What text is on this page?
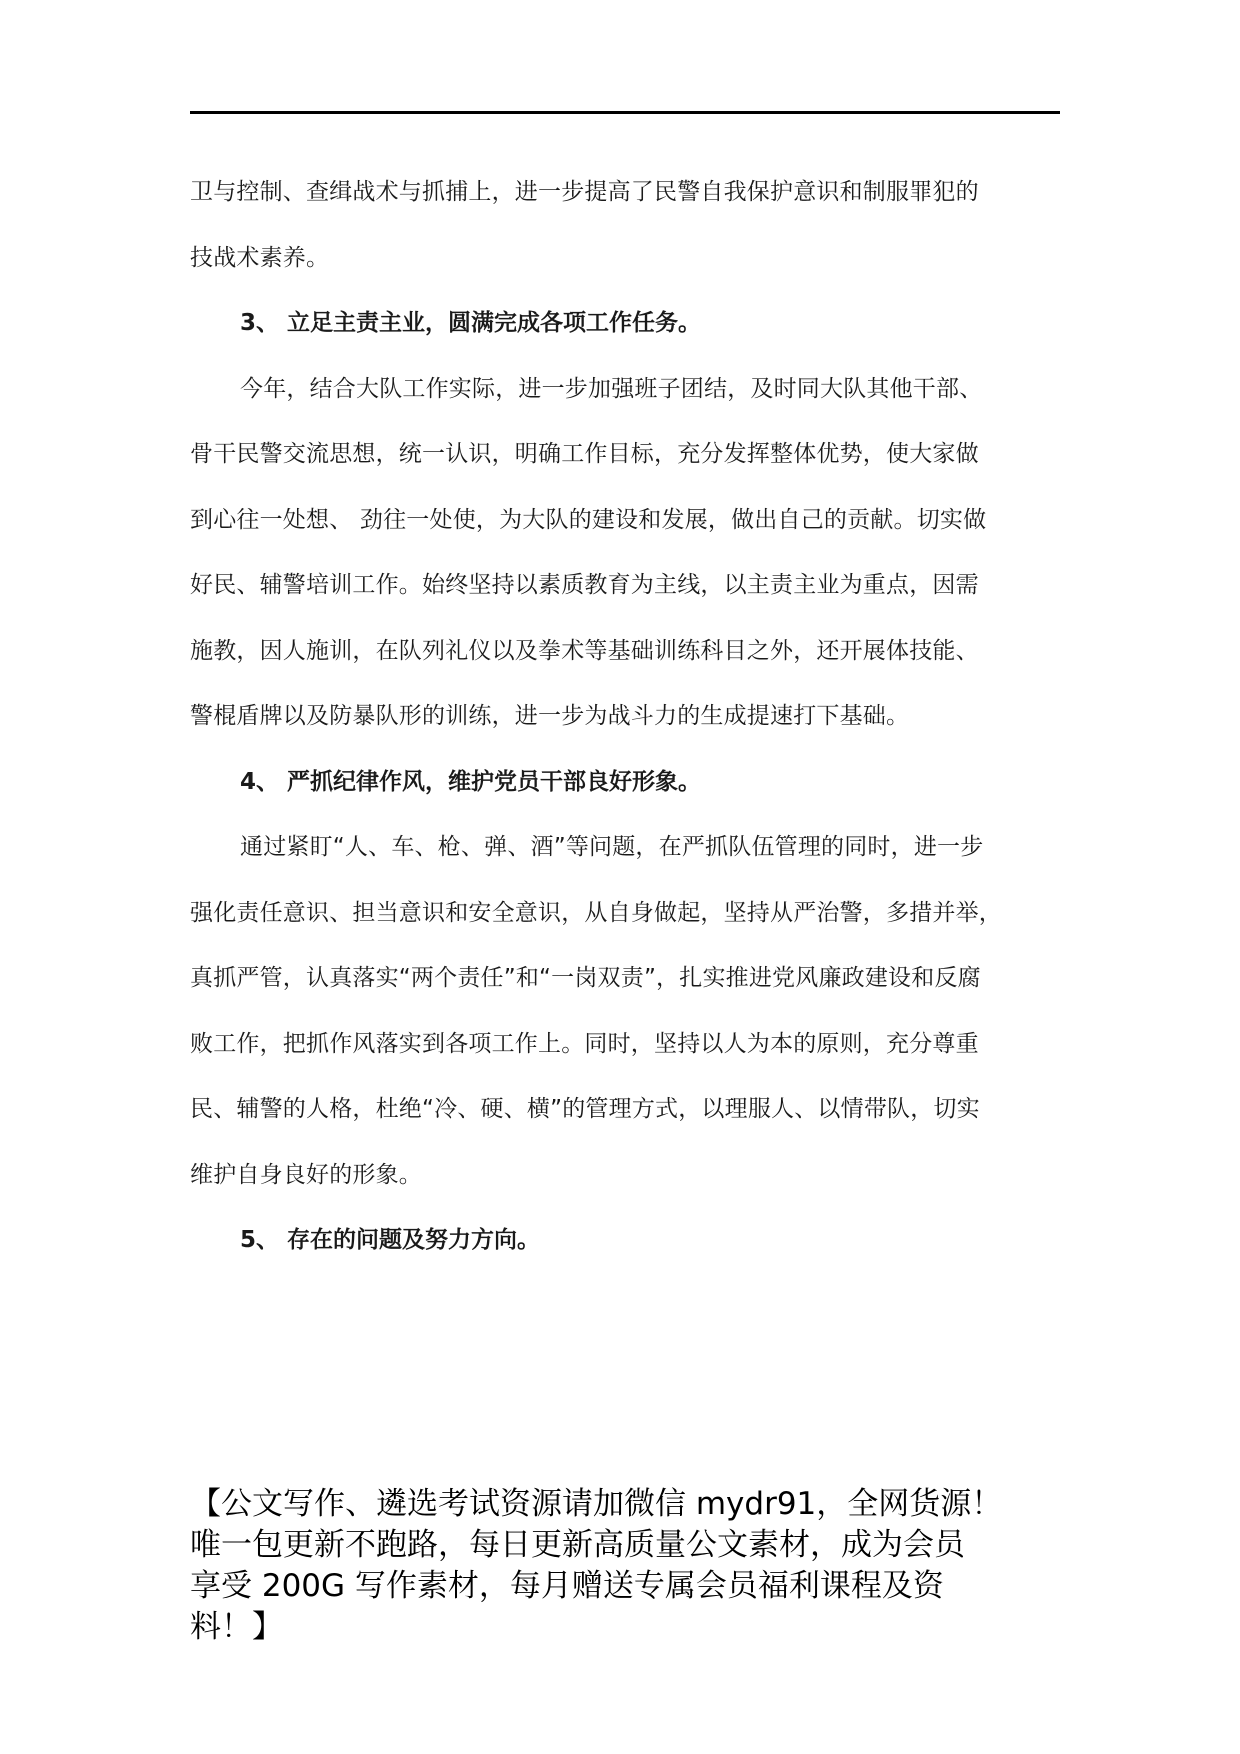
卫与控制、查缉战术与抓捕上，进一步提高了民警自我保护意识和制服罪犯的

技战术素养。

3、 立足主责主业，圆满完成各项工作任务。

今年，结合大队工作实际，进一步加强班子团结，及时同大队其他干部、

骨干民警交流思想，统一认识，明确工作目标，充分发挥整体优势，使大家做

到心往一处想、 劲往一处使，为大队的建设和发展，做出自己的贡献。切实做

好民、辅警培训工作。始终坚持以素质教育为主线，以主责主业为重点，因需

施教，因人施训，在队列礼仪以及拳术等基础训练科目之外，还开展体技能、

警棍盾牌以及防暴队形的训练，进一步为战斗力的生成提速打下基础。

4、 严抓纪律作风，维护党员干部良好形象。

通过紧盯“人、车、枪、弹、酒”等问题，在严抓队伍管理的同时，进一步

强化责任意识、担当意识和安全意识，从自身做起，坚持从严治警，多措并举，

真抓严管，认真落实“两个责任”和“一岗双责”，扎实推进党风廉政建设和反腐

败工作，把抓作风落实到各项工作上。同时，坚持以人为本的原则，充分尊重

民、辅警的人格，杜绝“冷、硬、横”的管理方式，以理服人、以情带队，切实

维护自身良好的形象。

5、 存在的问题及努力方向。

【公文写作、遴选考试资源请加微信 mydr91，全网货源！
唯一包更新不跑路，每日更新高质量公文素材，成为会员
享受 200G 写作素材，每月赠送专属会员福利课程及资
料！】
